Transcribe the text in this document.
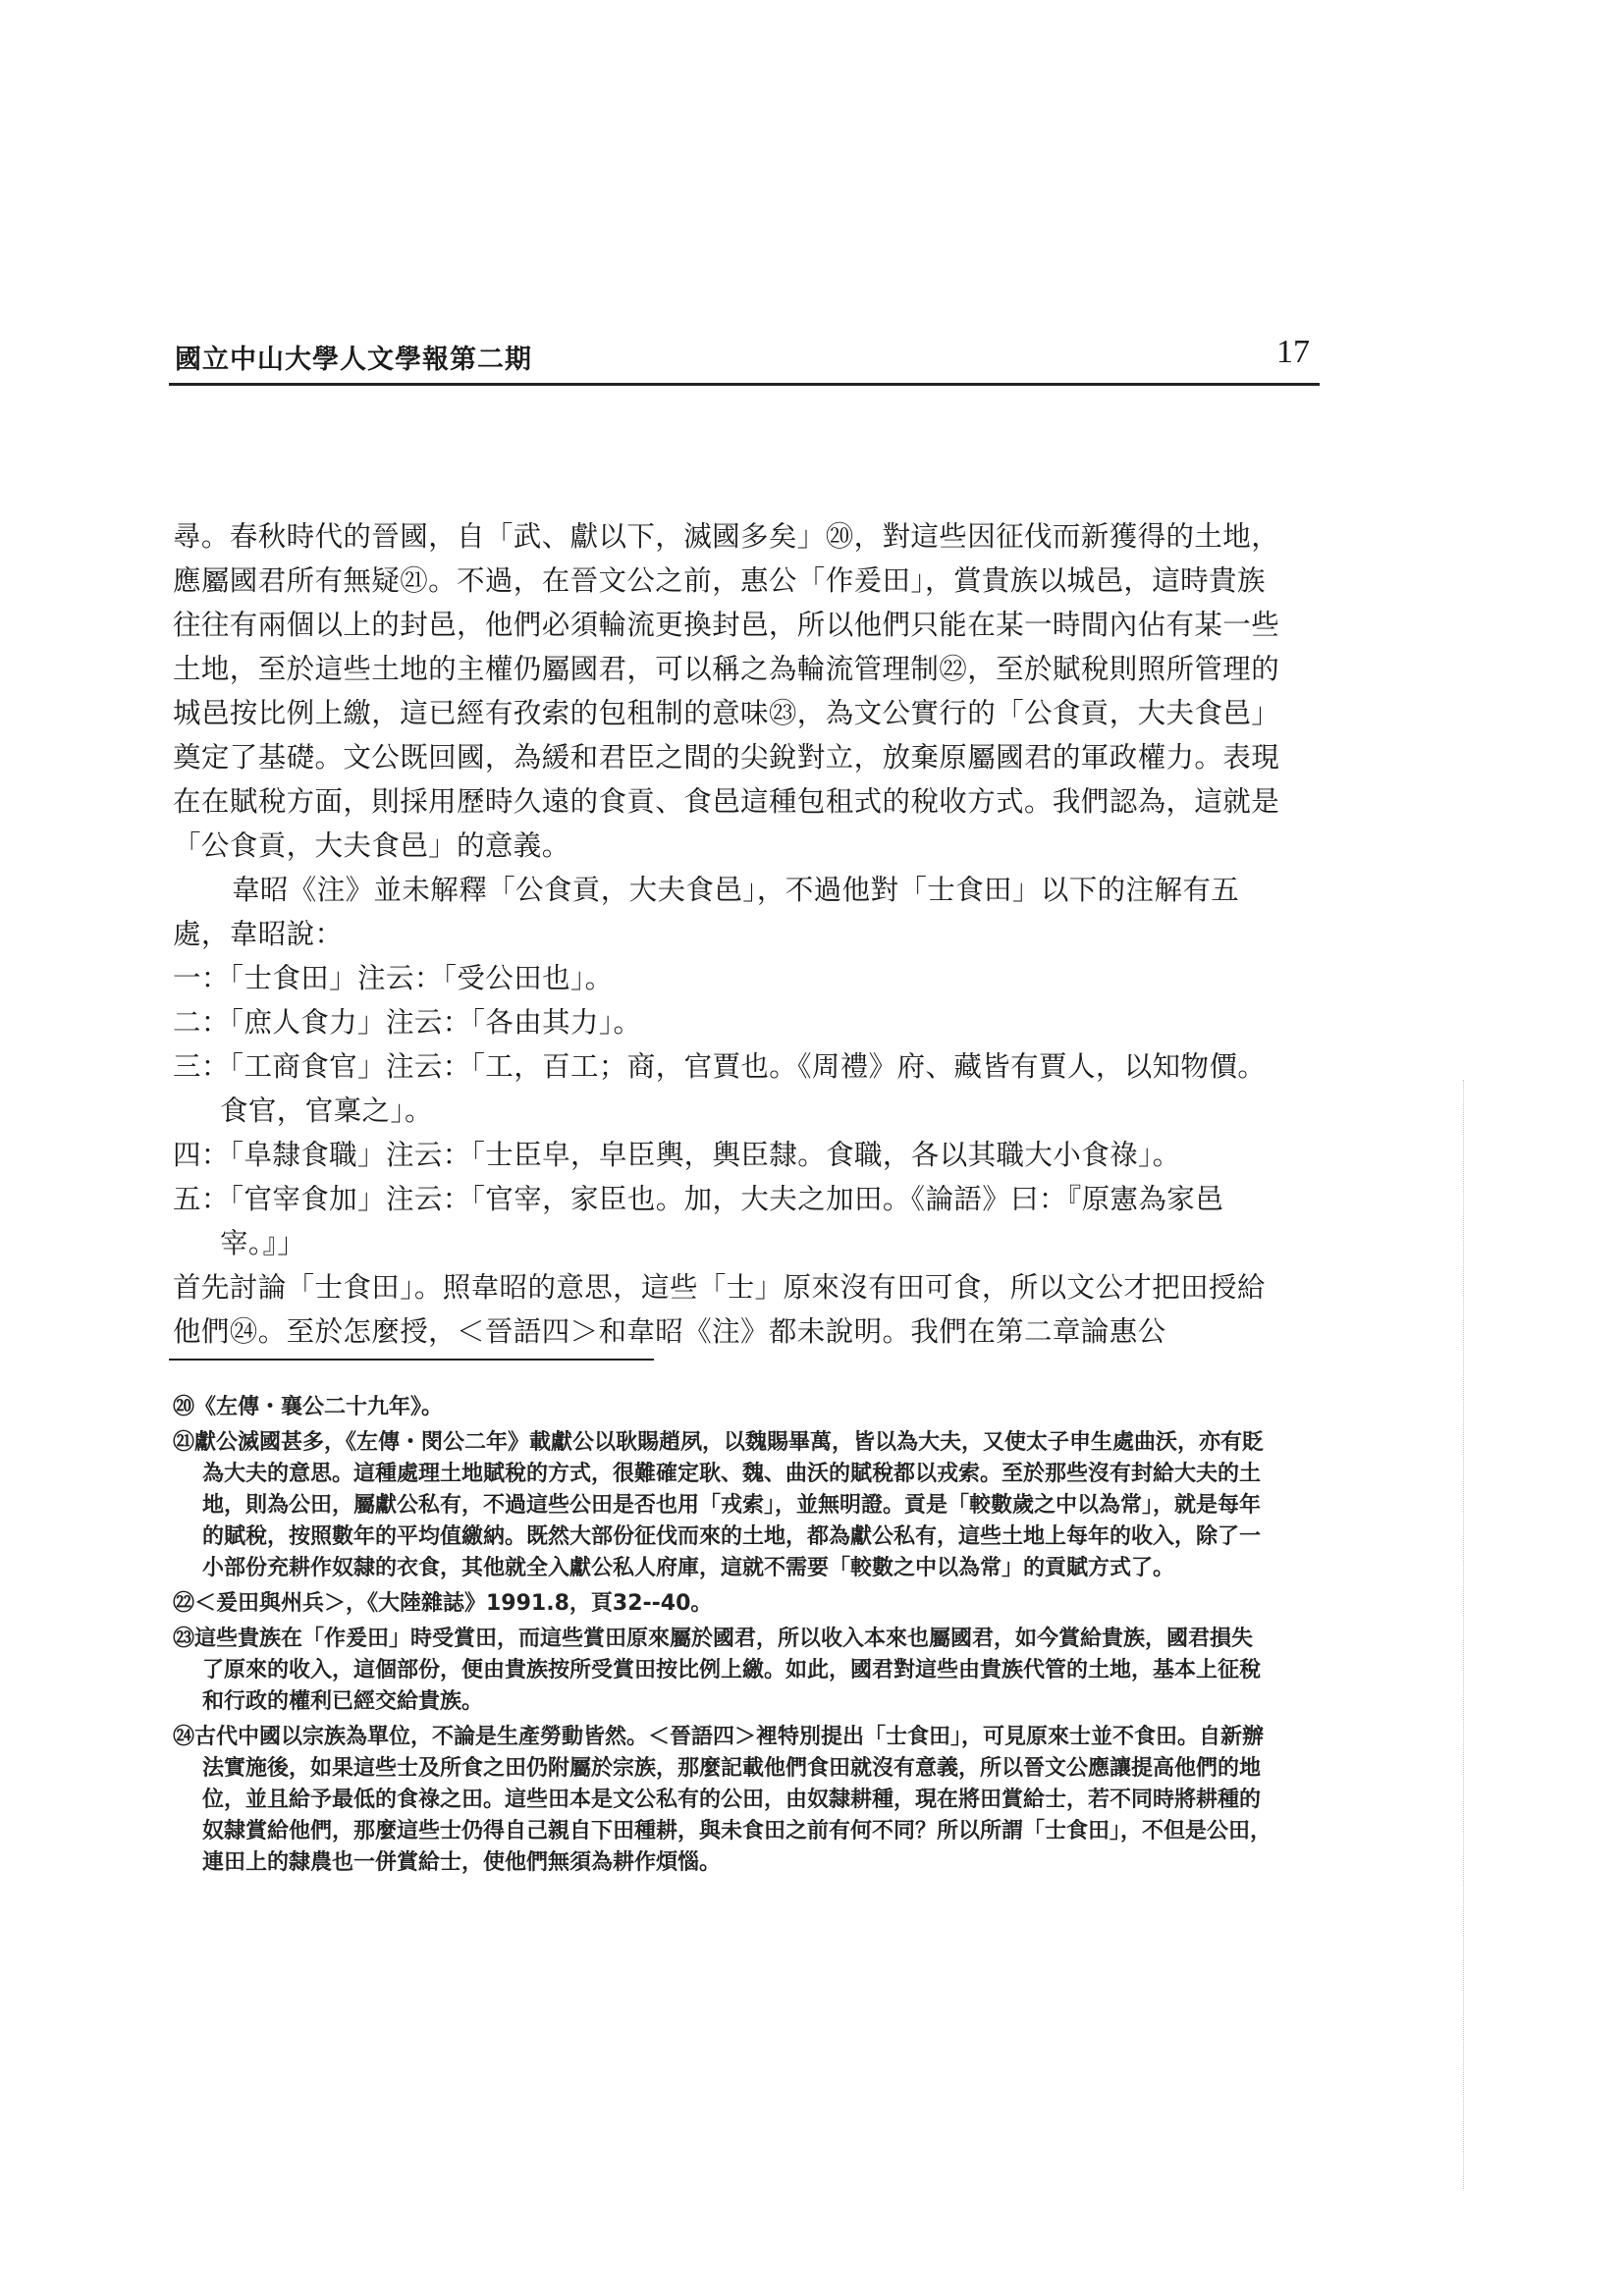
國立中山大學人文學報第二期	17

尋。春秋時代的晉國，自「武、獻以下，滅國多矣」⑳，對這些因征伐而新獲得的土地，應屬國君所有無疑㉑。不過，在晉文公之前，惠公「作爰田」，賞貴族以城邑，這時貴族往往有兩個以上的封邑，他們必須輪流更換封邑，所以他們只能在某一時間內佔有某一些土地，至於這些土地的主權仍屬國君，可以稱之為輪流管理制㉒，至於賦稅則照所管理的城邑按比例上繳，這已經有孜索的包租制的意味㉓，為文公實行的「公食貢，大夫食邑」奠定了基礎。文公既回國，為緩和君臣之間的尖銳對立，放棄原屬國君的軍政權力。表現在在賦稅方面，則採用歷時久遠的食貢、食邑這種包租式的稅收方式。我們認為，這就是「公食貢，大夫食邑」的意義。

韋昭《注》並未解釋「公食貢，大夫食邑」，不過他對「士食田」以下的注解有五處，韋昭說：

一：「士食田」注云：「受公田也」。

二：「庶人食力」注云：「各由其力」。

三：「工商食官」注云：「工，百工；商，官賈也。《周禮》府、藏皆有賈人，以知物價。食官，官稟之」。

四：「阜隸食職」注云：「士臣皁，皁臣輿，輿臣隸。食職，各以其職大小食祿」。

五：「官宰食加」注云：「官宰，家臣也。加，大夫之加田。《論語》曰：『原憲為家邑宰。』」

首先討論「士食田」。照韋昭的意思，這些「士」原來沒有田可食，所以文公才把田授給他們㉔。至於怎麼授，＜晉語四＞和韋昭《注》都未說明。我們在第二章論惠公

⑳《左傳・襄公二十九年》。

㉑獻公滅國甚多，《左傳・閔公二年》載獻公以耿賜趙夙，以魏賜畢萬，皆以為大夫，又使太子申生處曲沃，亦有貶為大夫的意思。這種處理土地賦稅的方式，很難確定耿、魏、曲沃的賦稅都以戎索。至於那些沒有封給大夫的土地，則為公田，屬獻公私有，不過這些公田是否也用「戎索」，並無明證。貢是「較數歲之中以為常」，就是每年的賦稅，按照數年的平均值繳納。既然大部份征伐而來的土地，都為獻公私有，這些土地上每年的收入，除了一小部份充耕作奴隸的衣食，其他就全入獻公私人府庫，這就不需要「較數之中以為常」的貢賦方式了。

㉒＜爰田與州兵＞，《大陸雜誌》1991.8，頁32--40。

㉓這些貴族在「作爰田」時受賞田，而這些賞田原來屬於國君，所以收入本來也屬國君，如今賞給貴族，國君損失了原來的收入，這個部份，便由貴族按所受賞田按比例上繳。如此，國君對這些由貴族代管的土地，基本上征稅和行政的權利已經交給貴族。

㉔古代中國以宗族為單位，不論是生產勞動皆然。＜晉語四＞裡特別提出「士食田」，可見原來士並不食田。自新辦法實施後，如果這些士及所食之田仍附屬於宗族，那麼記載他們食田就沒有意義，所以晉文公應讓提高他們的地位，並且給予最低的食祿之田。這些田本是文公私有的公田，由奴隸耕種，現在將田賞給士，若不同時將耕種的奴隸賞給他們，那麼這些士仍得自己親自下田種耕，與未食田之前有何不同？所以所謂「士食田」，不但是公田，連田上的隸農也一併賞給士，使他們無須為耕作煩惱。
